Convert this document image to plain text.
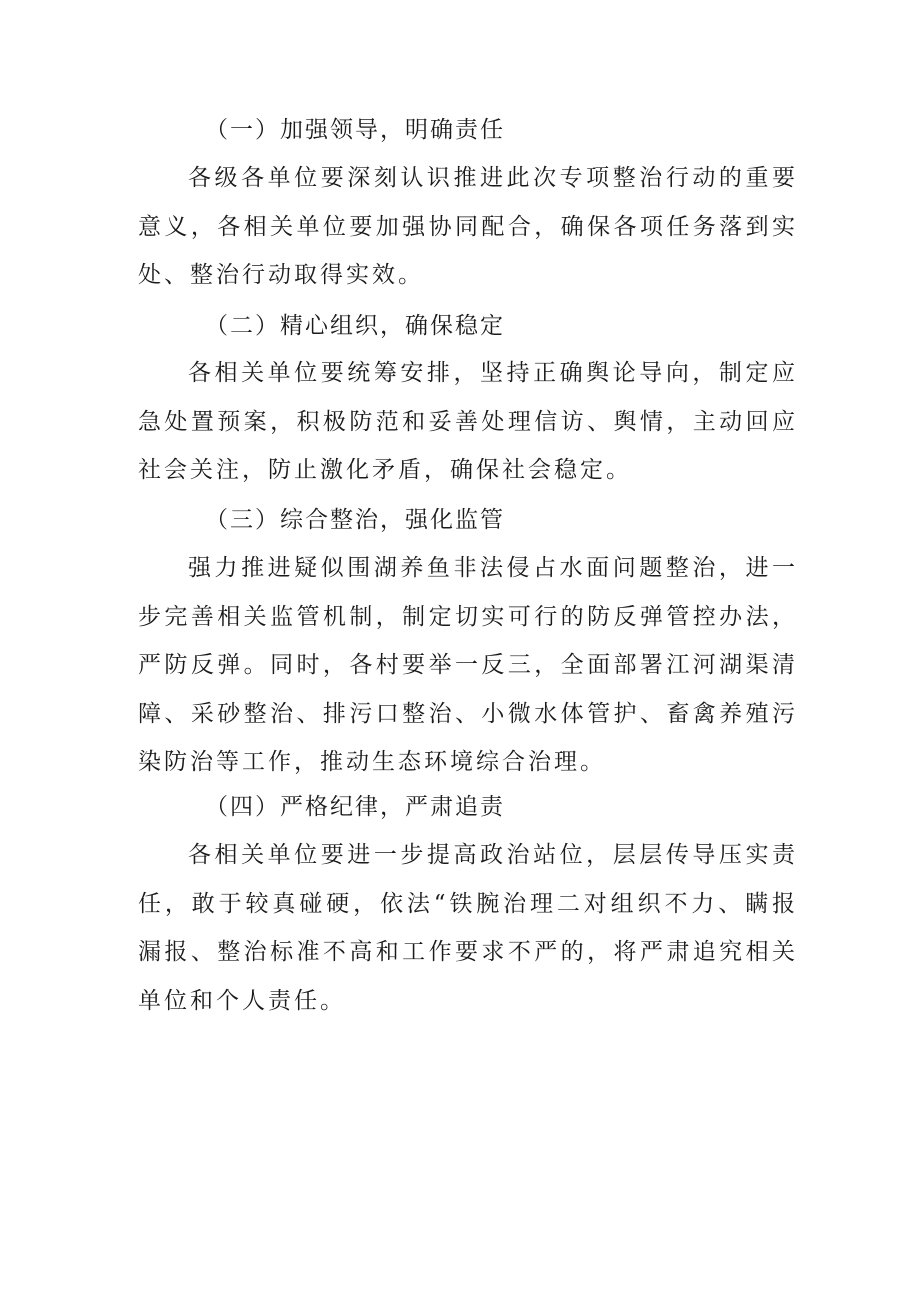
（一）加强领导，明确责任

各级各单位要深刻认识推进此次专项整治行动的重要意义，各相关单位要加强协同配合，确保各项任务落到实处、整治行动取得实效。

（二）精心组织，确保稳定

各相关单位要统筹安排，坚持正确舆论导向，制定应急处置预案，积极防范和妥善处理信访、舆情，主动回应社会关注，防止激化矛盾，确保社会稳定。

（三）综合整治，强化监管

强力推进疑似围湖养鱼非法侵占水面问题整治，进一步完善相关监管机制，制定切实可行的防反弹管控办法，严防反弹。同时，各村要举一反三，全面部署江河湖渠清障、采砂整治、排污口整治、小微水体管护、畜禽养殖污染防治等工作，推动生态环境综合治理。

（四）严格纪律，严肃追责

各相关单位要进一步提高政治站位，层层传导压实责任，敢于较真碰硬，依法“铁腕治理二对组织不力、瞒报漏报、整治标准不高和工作要求不严的，将严肃追究相关单位和个人责任。
